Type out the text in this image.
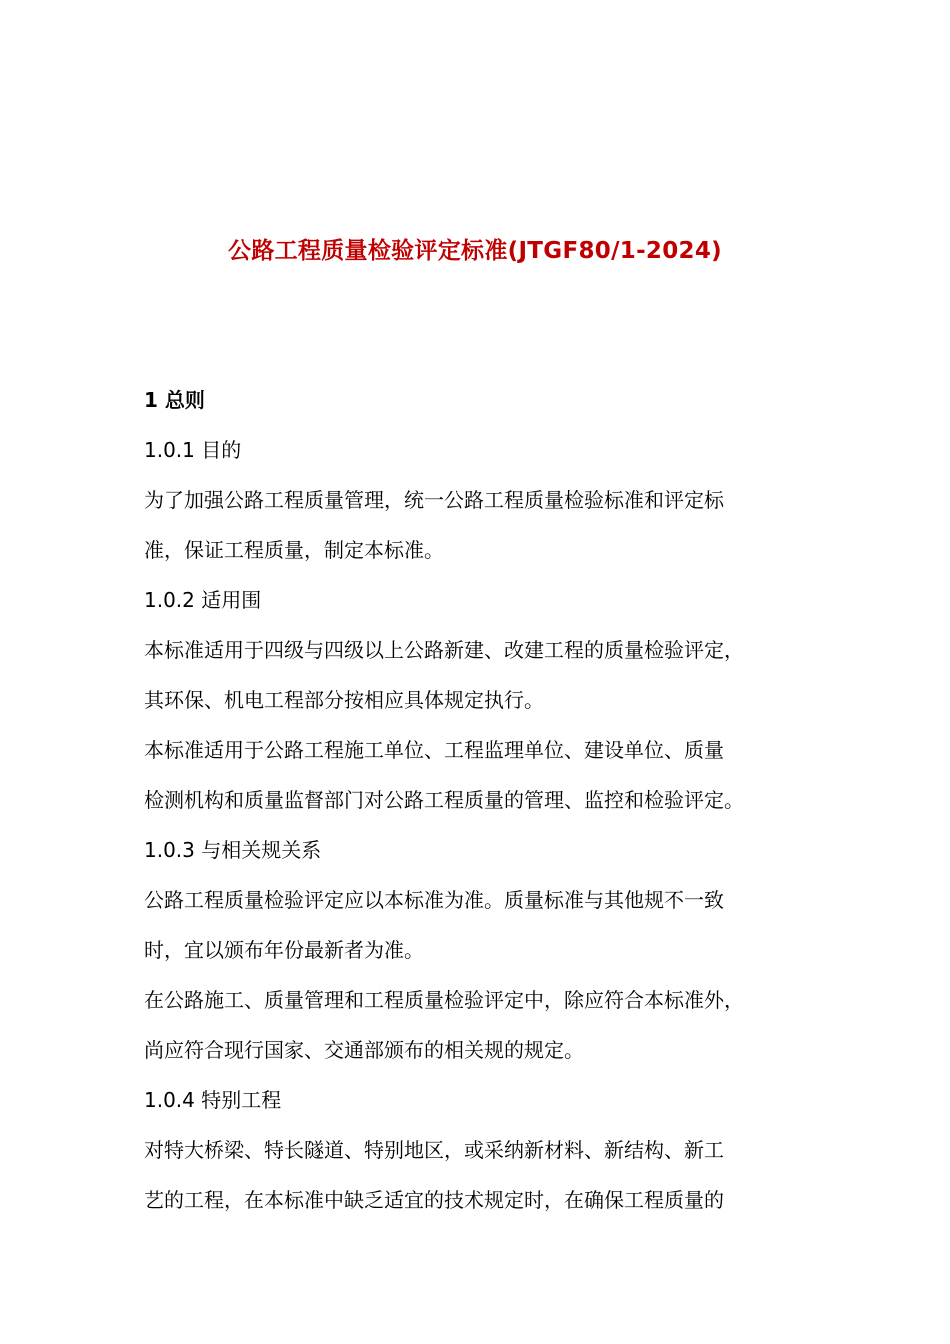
公路工程质量检验评定标准(JTGF80/1-2024)
1 总则
1.0.1 目的
为了加强公路工程质量管理，统一公路工程质量检验标准和评定标
准，保证工程质量，制定本标准。
1.0.2 适用围
本标准适用于四级与四级以上公路新建、改建工程的质量检验评定，
其环保、机电工程部分按相应具体规定执行。
本标准适用于公路工程施工单位、工程监理单位、建设单位、质量
检测机构和质量监督部门对公路工程质量的管理、监控和检验评定。
1.0.3 与相关规关系
公路工程质量检验评定应以本标准为准。质量标准与其他规不一致
时，宜以颁布年份最新者为准。
在公路施工、质量管理和工程质量检验评定中，除应符合本标准外，
尚应符合现行国家、交通部颁布的相关规的规定。
1.0.4 特别工程
对特大桥梁、特长隧道、特别地区，或采纳新材料、新结构、新工
艺的工程，在本标准中缺乏适宜的技术规定时，在确保工程质量的
